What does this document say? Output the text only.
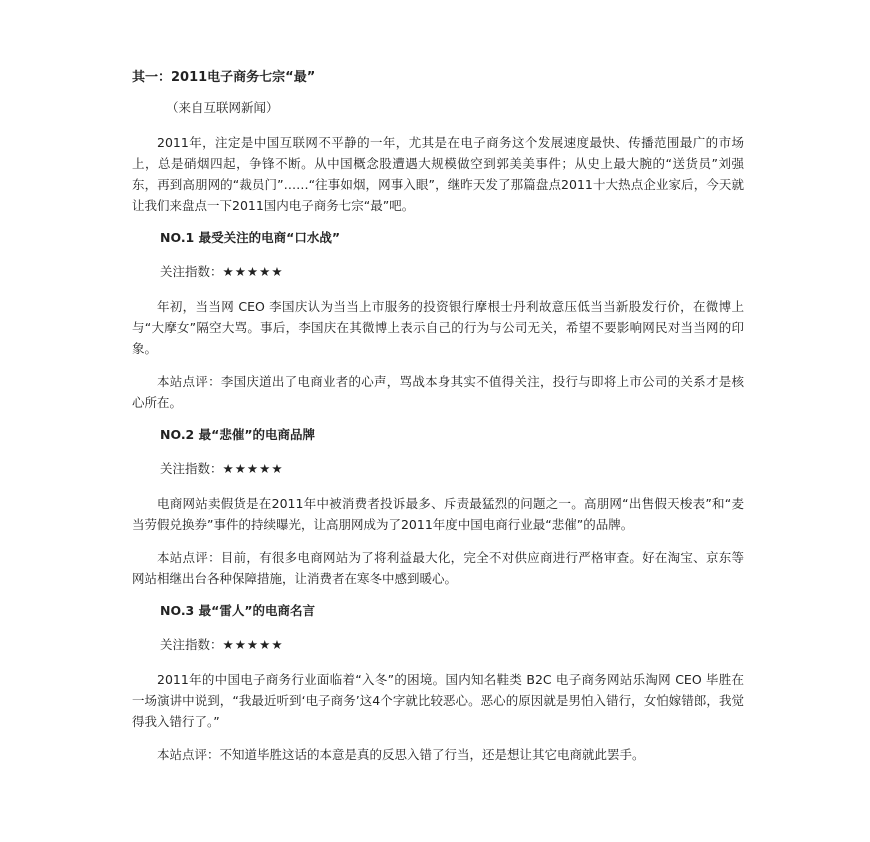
其一：2011电子商务七宗“最”
（来自互联网新闻）
2011年，注定是中国互联网不平静的一年，尤其是在电子商务这个发展速度最快、传播范围最广的市场上，总是硝烟四起，争锋不断。从中国概念股遭遇大规模做空到郭美美事件；从史上最大腕的“送货员”刘强东，再到高朋网的“裁员门”……“往事如烟，网事入眼”，继昨天发了那篇盘点2011十大热点企业家后，今天就让我们来盘点一下2011国内电子商务七宗“最”吧。
NO.1 最受关注的电商“口水战”
关注指数：★★★★★
年初，当当网 CEO 李国庆认为当当上市服务的投资银行摩根士丹利故意压低当当新股发行价，在微博上与“大摩女”隔空大骂。事后，李国庆在其微博上表示自己的行为与公司无关，希望不要影响网民对当当网的印象。
本站点评：李国庆道出了电商业者的心声，骂战本身其实不值得关注，投行与即将上市公司的关系才是核心所在。
NO.2 最“悲催”的电商品牌
关注指数：★★★★★
电商网站卖假货是在2011年中被消费者投诉最多、斥责最猛烈的问题之一。高朋网“出售假天梭表”和“麦当劳假兑换券”事件的持续曝光，让高朋网成为了2011年度中国电商行业最“悲催”的品牌。
本站点评：目前，有很多电商网站为了将利益最大化，完全不对供应商进行严格审查。好在淘宝、京东等网站相继出台各种保障措施，让消费者在寒冬中感到暖心。
NO.3 最“雷人”的电商名言
关注指数：★★★★★
2011年的中国电子商务行业面临着“入冬”的困境。国内知名鞋类 B2C 电子商务网站乐淘网 CEO 毕胜在一场演讲中说到，“我最近听到‘电子商务’这4个字就比较恶心。恶心的原因就是男怕入错行，女怕嫁错郎，我觉得我入错行了。”
本站点评：不知道毕胜这话的本意是真的反思入错了行当，还是想让其它电商就此罢手。
